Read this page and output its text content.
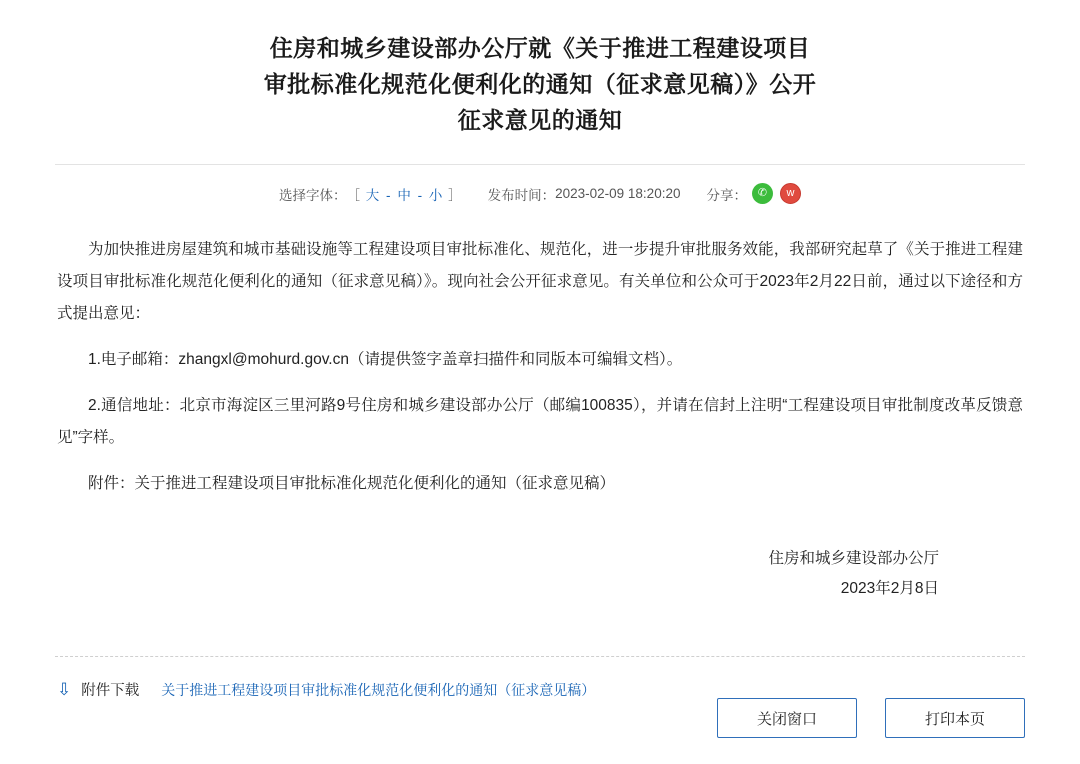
住房和城乡建设部办公厅就《关于推进工程建设项目审批标准化规范化便利化的通知（征求意见稿）》公开征求意见的通知
选择字体： ［ 大 - 中 - 小 ］ 发布时间： 2023-02-09 18:20:20 分享： ✆	w

为加快推进房屋建筑和城市基础设施等工程建设项目审批标准化、规范化，进一步提升审批服务效能，我部研究起草了《关于推进工程建设项目审批标准化规范化便利化的通知（征求意见稿）》。现向社会公开征求意见。有关单位和公众可于2023年2月22日前，通过以下途径和方式提出意见：

1.电子邮箱：zhangxl@mohurd.gov.cn（请提供签字盖章扫描件和同版本可编辑文档）。

2.通信地址：北京市海淀区三里河路9号住房和城乡建设部办公厅（邮编100835），并请在信封上注明“工程建设项目审批制度改革反馈意见”字样。

附件：关于推进工程建设项目审批标准化规范化便利化的通知（征求意见稿）

住房和城乡建设部办公厅
2023年2月8日
⇩ 附件下载 关于推进工程建设项目审批标准化规范化便利化的通知（征求意见稿）
关闭窗口	打印本页
